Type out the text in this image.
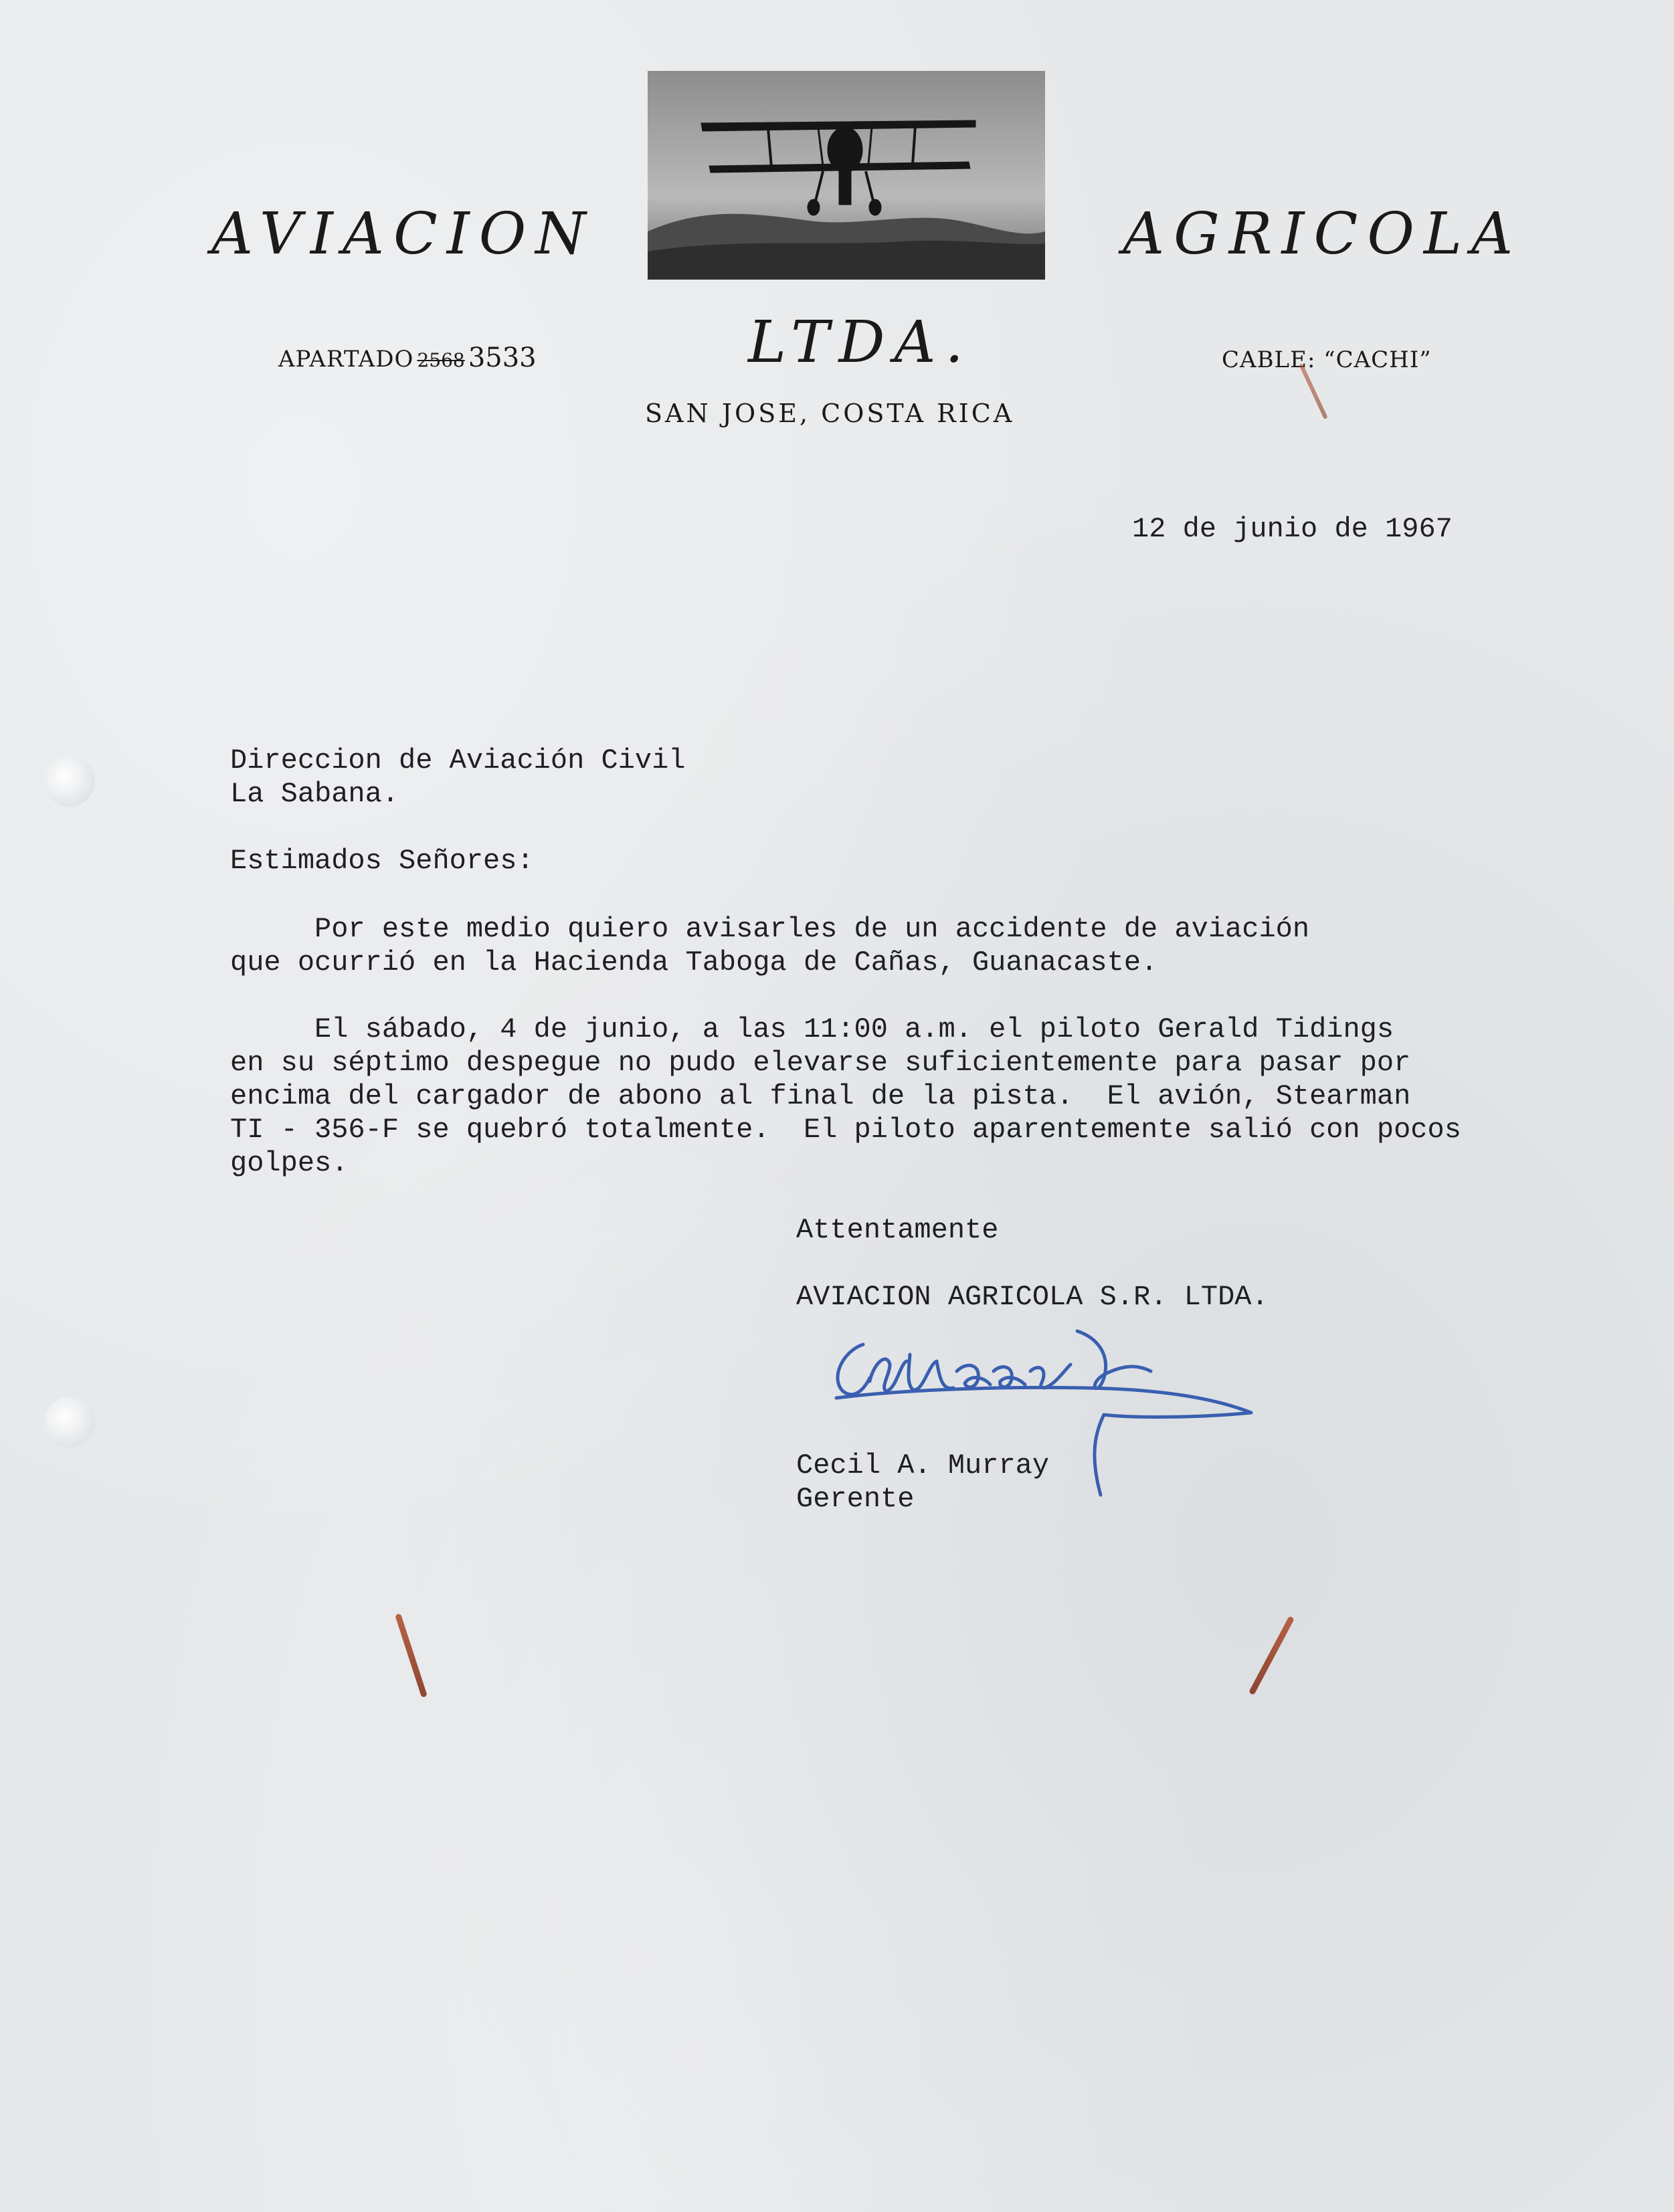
AVIACION	AGRICOLA
APARTADO 2568 3533	LTDA.	CABLE: “CACHI”
SAN JOSE, COSTA RICA
12 de junio de 1967
Direccion de Aviación Civil
La Sabana.
Estimados Señores:
Por este medio quiero avisarles de un accidente de aviación
que ocurrió en la Hacienda Taboga de Cañas, Guanacaste.
El sábado, 4 de junio, a las 11:00 a.m. el piloto Gerald Tidings
en su séptimo despegue no pudo elevarse suficientemente para pasar por
encima del cargador de abono al final de la pista.  El avión, Stearman
TI - 356-F se quebró totalmente.  El piloto aparentemente salió con pocos
golpes.
Attentamente
AVIACION AGRICOLA S.R. LTDA.
Cecil A. Murray
Gerente
